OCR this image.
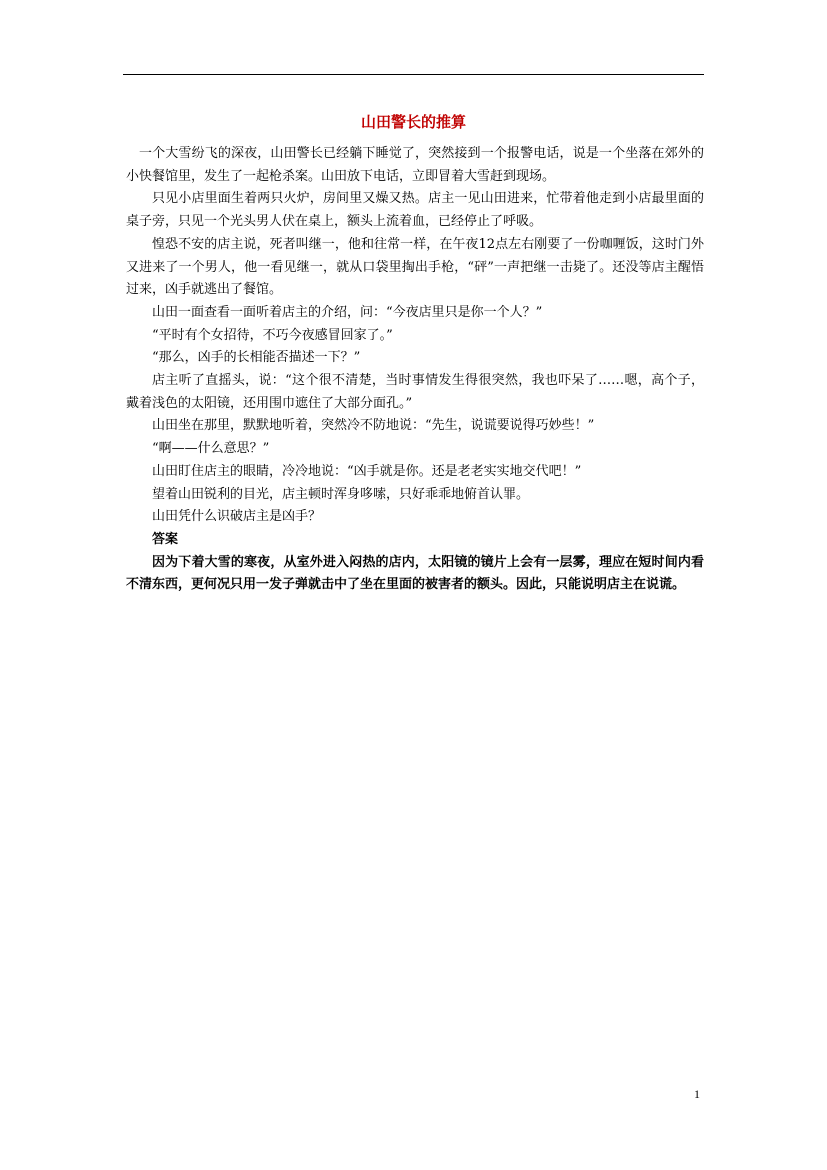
山田警长的推算

一个大雪纷飞的深夜，山田警长已经躺下睡觉了，突然接到一个报警电话，说是一个坐落在郊外的小快餐馆里，发生了一起枪杀案。山田放下电话，立即冒着大雪赶到现场。

只见小店里面生着两只火炉，房间里又燥又热。店主一见山田进来，忙带着他走到小店最里面的桌子旁，只见一个光头男人伏在桌上，额头上流着血，已经停止了呼吸。

惶恐不安的店主说，死者叫继一，他和往常一样，在午夜12点左右刚要了一份咖喱饭，这时门外又进来了一个男人，他一看见继一，就从口袋里掏出手枪，“砰”一声把继一击毙了。还没等店主醒悟过来，凶手就逃出了餐馆。

山田一面查看一面听着店主的介绍，问：“今夜店里只是你一个人？”

“平时有个女招待，不巧今夜感冒回家了。”

“那么，凶手的长相能否描述一下？”

店主听了直摇头，说：“这个很不清楚，当时事情发生得很突然，我也吓呆了……嗯，高个子，戴着浅色的太阳镜，还用围巾遮住了大部分面孔。”

山田坐在那里，默默地听着，突然冷不防地说：“先生，说谎要说得巧妙些！”

“啊——什么意思？”

山田盯住店主的眼睛，冷冷地说：“凶手就是你。还是老老实实地交代吧！”

望着山田锐利的目光，店主顿时浑身哆嗦，只好乖乖地俯首认罪。

山田凭什么识破店主是凶手？

答案

因为下着大雪的寒夜，从室外进入闷热的店内，太阳镜的镜片上会有一层雾，理应在短时间内看不清东西，更何况只用一发子弹就击中了坐在里面的被害者的额头。因此，只能说明店主在说谎。

1
